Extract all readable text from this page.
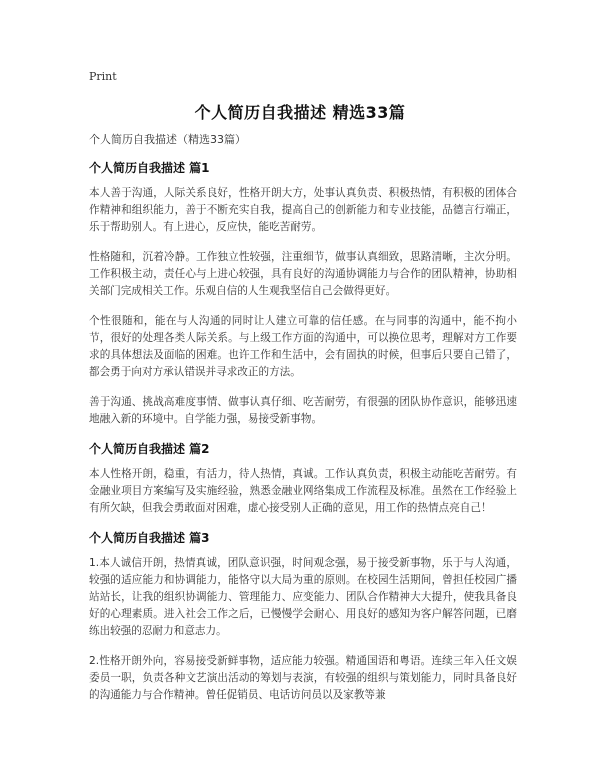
Print
个人简历自我描述 精选33篇

个人简历自我描述（精选33篇）

个人简历自我描述 篇1

本人善于沟通，人际关系良好，性格开朗大方，处事认真负责、积极热情，有积极的团体合作精神和组织能力，善于不断充实自我，提高自己的创新能力和专业技能，品德言行端正，乐于帮助别人。有上进心，反应快，能吃苦耐劳。

性格随和，沉着冷静。工作独立性较强，注重细节，做事认真细致，思路清晰，主次分明。工作积极主动，责任心与上进心较强，具有良好的沟通协调能力与合作的团队精神，协助相关部门完成相关工作。乐观自信的人生观我坚信自己会做得更好。

个性很随和，能在与人沟通的同时让人建立可靠的信任感。在与同事的沟通中，能不拘小节，很好的处理各类人际关系。与上级工作方面的沟通中，可以换位思考，理解对方工作要求的具体想法及面临的困难。也许工作和生活中，会有固执的时候，但事后只要自己错了，都会勇于向对方承认错误并寻求改正的方法。

善于沟通、挑战高难度事情、做事认真仔细、吃苦耐劳，有很强的团队协作意识，能够迅速地融入新的环境中。自学能力强，易接受新事物。

个人简历自我描述 篇2

本人性格开朗，稳重，有活力，待人热情，真诚。工作认真负责，积极主动能吃苦耐劳。有金融业项目方案编写及实施经验，熟悉金融业网络集成工作流程及标准。虽然在工作经验上有所欠缺，但我会勇敢面对困难，虚心接受别人正确的意见，用工作的热情点亮自己！

个人简历自我描述 篇3

1.本人诚信开朗，热情真诚，团队意识强，时间观念强，易于接受新事物，乐于与人沟通，较强的适应能力和协调能力，能恪守以大局为重的原则。在校园生活期间，曾担任校园广播站站长，让我的组织协调能力、管理能力、应变能力、团队合作精神大大提升，使我具备良好的心理素质。进入社会工作之后，已慢慢学会耐心、用良好的感知为客户解答问题，已磨练出较强的忍耐力和意志力。

2.性格开朗外向，容易接受新鲜事物，适应能力较强。精通国语和粤语。连续三年入任文娱委员一职，负责各种文艺演出活动的筹划与表演，有较强的组织与策划能力，同时具备良好的沟通能力与合作精神。曾任促销员、电话访问员以及家教等兼
